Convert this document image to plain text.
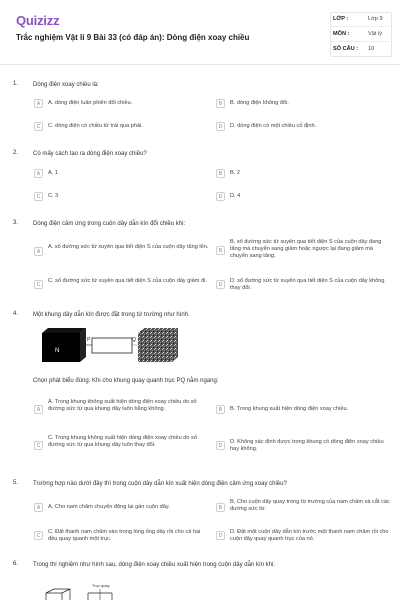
Quizizz
Trắc nghiệm Vật lí 9 Bài 33 (có đáp án): Dòng điện xoay chiều
LỚP :	Lớp 9
MÔN :	Vật lý
SỐ CÂU : 10
1. Dòng điện xoay chiều là:
A	A. dòng điện luân phiên đổi chiều.	B	B. dòng điện không đổi.
C	C. dòng điện có chiều từ trái qua phải.	D	D. dòng điện có một chiều cố định.
2. Có mấy cách tạo ra dòng điện xoay chiều?
A	A. 1	B	B. 2
C	C. 3	D	D. 4
3. Dòng điện cảm ứng trong cuộn dây dẫn kín đổi chiều khi:
A
A. số đường sức từ xuyên qua tiết diện S của cuộn dây tăng lên.
B
B. số đường sức từ xuyên qua tiết diện S của cuộn dây đang tăng mà chuyển sang giảm hoặc ngược lại đang giảm mà chuyển sang tăng.
C
C. số đường sức từ xuyên qua tiết diện S của cuộn dây giảm đi.
D
D. số đường sức từ xuyên qua tiết diện S của cuộn dây không thay đổi.
4. Một khung dây dẫn kín được đặt trong từ trường như hình.
N
P	Q
Chọn phát biểu đúng. Khi cho khung quay quanh trục PQ nằm ngang:
A
A. Trong khung không xuất hiện dòng điện xoay chiều do số đường sức từ qua khung dây luôn bằng không.	B	B. Trong khung xuất hiện dòng điện xoay chiều.
C
C. Trong khung không xuất hiện dòng điện xoay chiều do số đường sức từ qua khung dây luôn thay đổi.	D
D. Không xác định được trong khung có dòng điện xoay chiều hay không.
5. Trường hợp nào dưới đây thì trong cuộn dây dẫn kín xuất hiện dòng điện cảm ứng xoay chiều?
A	A. Cho nam châm chuyển động lại gần cuộn dây.	B
B. Cho cuộn dây quay trong từ trường của nam châm và cắt các đường sức từ.
C
C. Đặt thanh nam châm vào trong lòng ống dây rồi cho cả hai đều quay quanh một trục.
D
D. Đặt một cuộn dây dẫn kín trước một thanh nam châm rồi cho cuộn dây quay quanh trục của nó.
6. Trong thí nghiệm như hình sau, dòng điện xoay chiều xuất hiện trong cuộn dây dẫn kín khi:
Trục quay
